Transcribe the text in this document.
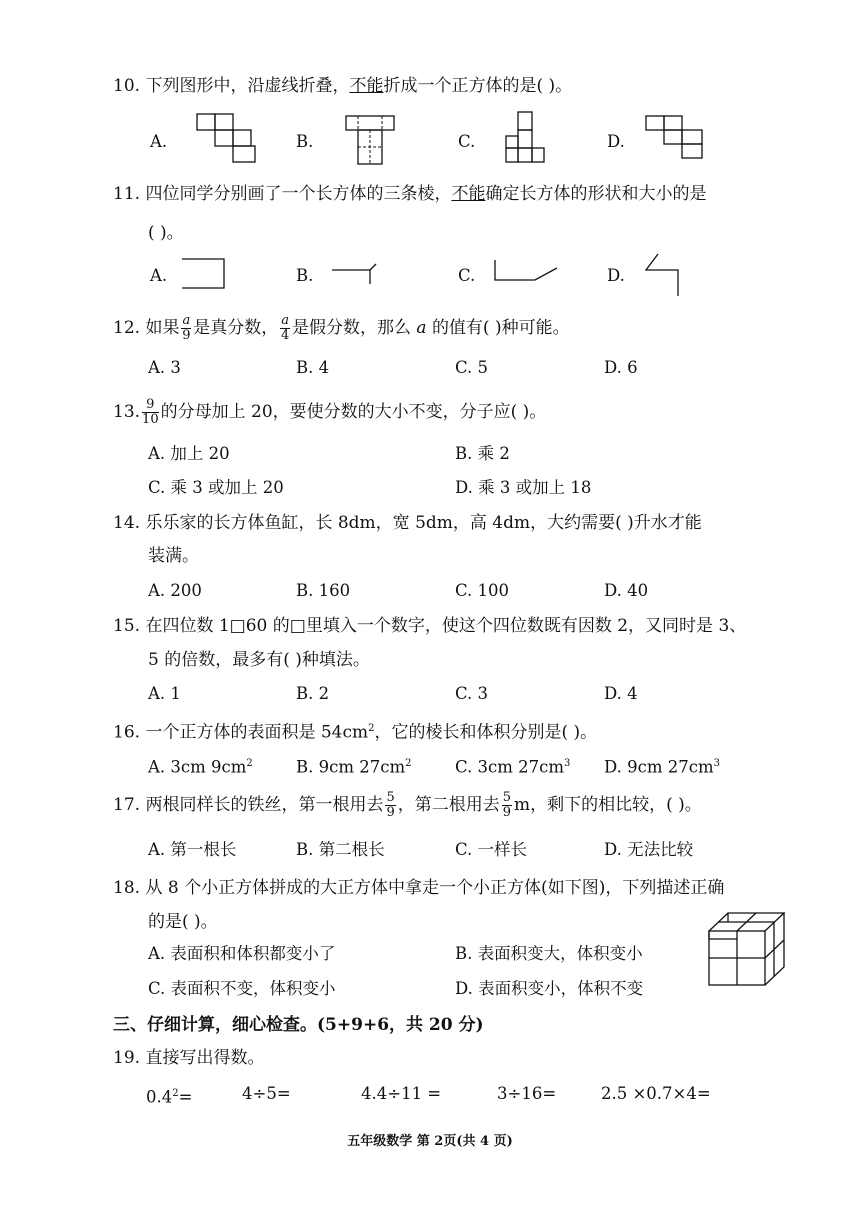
10. 下列图形中，沿虚线折叠，不能折成一个正方体的是( )。
A.	B.	C.	D.
11. 四位同学分别画了一个长方体的三条棱，不能确定长方体的形状和大小的是
( )。
A.	B.	C.	D.
12. 如果 $\frac{a}{9}$ 是真分数， $\frac{a}{4}$ 是假分数，那么 a 的值有( )种可能。
A. 3	B. 4	C. 5	D. 6
13. $\frac{9}{10}$ 的分母加上 20，要使分数的大小不变，分子应( )。
A. 加上 20	B. 乘 2
C. 乘 3 或加上 20	D. 乘 3 或加上 18
14. 乐乐家的长方体鱼缸，长 8dm，宽 5dm，高 4dm，大约需要( )升水才能
装满。
A. 200	B. 160	C. 100	D. 40
15. 在四位数 1□60 的□里填入一个数字，使这个四位数既有因数 2，又同时是 3、
5 的倍数，最多有( )种填法。
A. 1	B. 2	C. 3	D. 4
16. 一个正方体的表面积是 $54cm^2$，它的棱长和体积分别是( )。
A. 3cm $9cm^2$	B. 9cm $27cm^2$	C. 3cm $27cm^3$ D. 9cm $27cm^3$
17. 两根同样长的铁丝，第一根用去 $\frac{5}{9}$ ，第二根用去 $\frac{5}{9}$ m，剩下的相比较，( )。
A. 第一根长	B. 第二根长	C. 一样长	D. 无法比较
18. 从 8 个小正方体拼成的大正方体中拿走一个小正方体(如下图)，下列描述正确
的是( )。
A. 表面积和体积都变小了	B. 表面积变大，体积变小
C. 表面积不变，体积变小	D. 表面积变小，体积不变
三、仔细计算，细心检查。(5+9+6，共 20 分)
19. 直接写出得数。
$0.4^2=$	4÷5=	4.4÷11 =	3÷16=	2.5 ×0.7×4=
五年级数学 第 2页(共 4 页)
